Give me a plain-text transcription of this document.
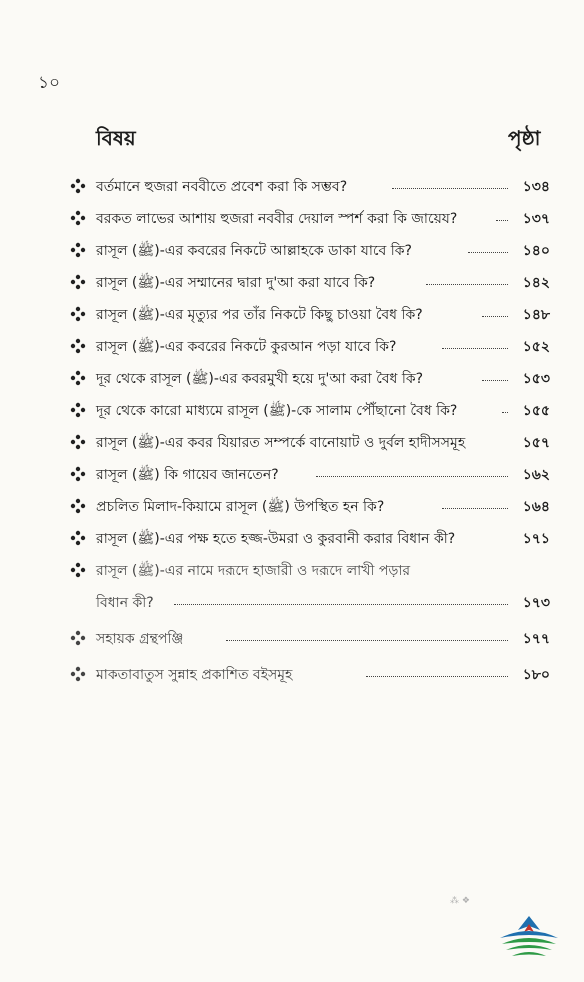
১০
বিষয়	পৃষ্ঠা
বর্তমানে হুজরা নববীতে প্রবেশ করা কি সম্ভব?	১৩৪
বরকত লাভের আশায় হুজরা নববীর দেয়াল স্পর্শ করা কি জায়েয?	১৩৭
রাসূল (ﷺ)-এর কবরের নিকটে আল্লাহকে ডাকা যাবে কি?	১৪০
রাসূল (ﷺ)-এর সম্মানের দ্বারা দু'আ করা যাবে কি?	১৪২
রাসূল (ﷺ)-এর মৃত্যুর পর তাঁর নিকটে কিছু চাওয়া বৈধ কি?	১৪৮
রাসূল (ﷺ)-এর কবরের নিকটে কুরআন পড়া যাবে কি?	১৫২
দূর থেকে রাসূল (ﷺ)-এর কবরমুখী হয়ে দু'আ করা বৈধ কি?	১৫৩
দূর থেকে কারো মাধ্যমে রাসূল (ﷺ)-কে সালাম পৌঁছানো বৈধ কি?	১৫৫
রাসূল (ﷺ)-এর কবর যিয়ারত সম্পর্কে বানোয়াট ও দুর্বল হাদীসসমূহ	১৫৭
রাসূল (ﷺ) কি গায়েব জানতেন?	১৬২
প্রচলিত মিলাদ-কিয়ামে রাসূল (ﷺ) উপস্থিত হন কি?	১৬৪
রাসূল (ﷺ)-এর পক্ষ হতে হজ্জ-উমরা ও কুরবানী করার বিধান কী?	১৭১
রাসূল (ﷺ)-এর নামে দরূদে হাজারী ও দরূদে লাখী পড়ার
বিধান কী?	১৭৩
সহায়ক গ্রন্থপঞ্জি	১৭৭
মাকতাবাতুস সুন্নাহ প্রকাশিত বইসমূহ	১৮০
⁂ ❖
